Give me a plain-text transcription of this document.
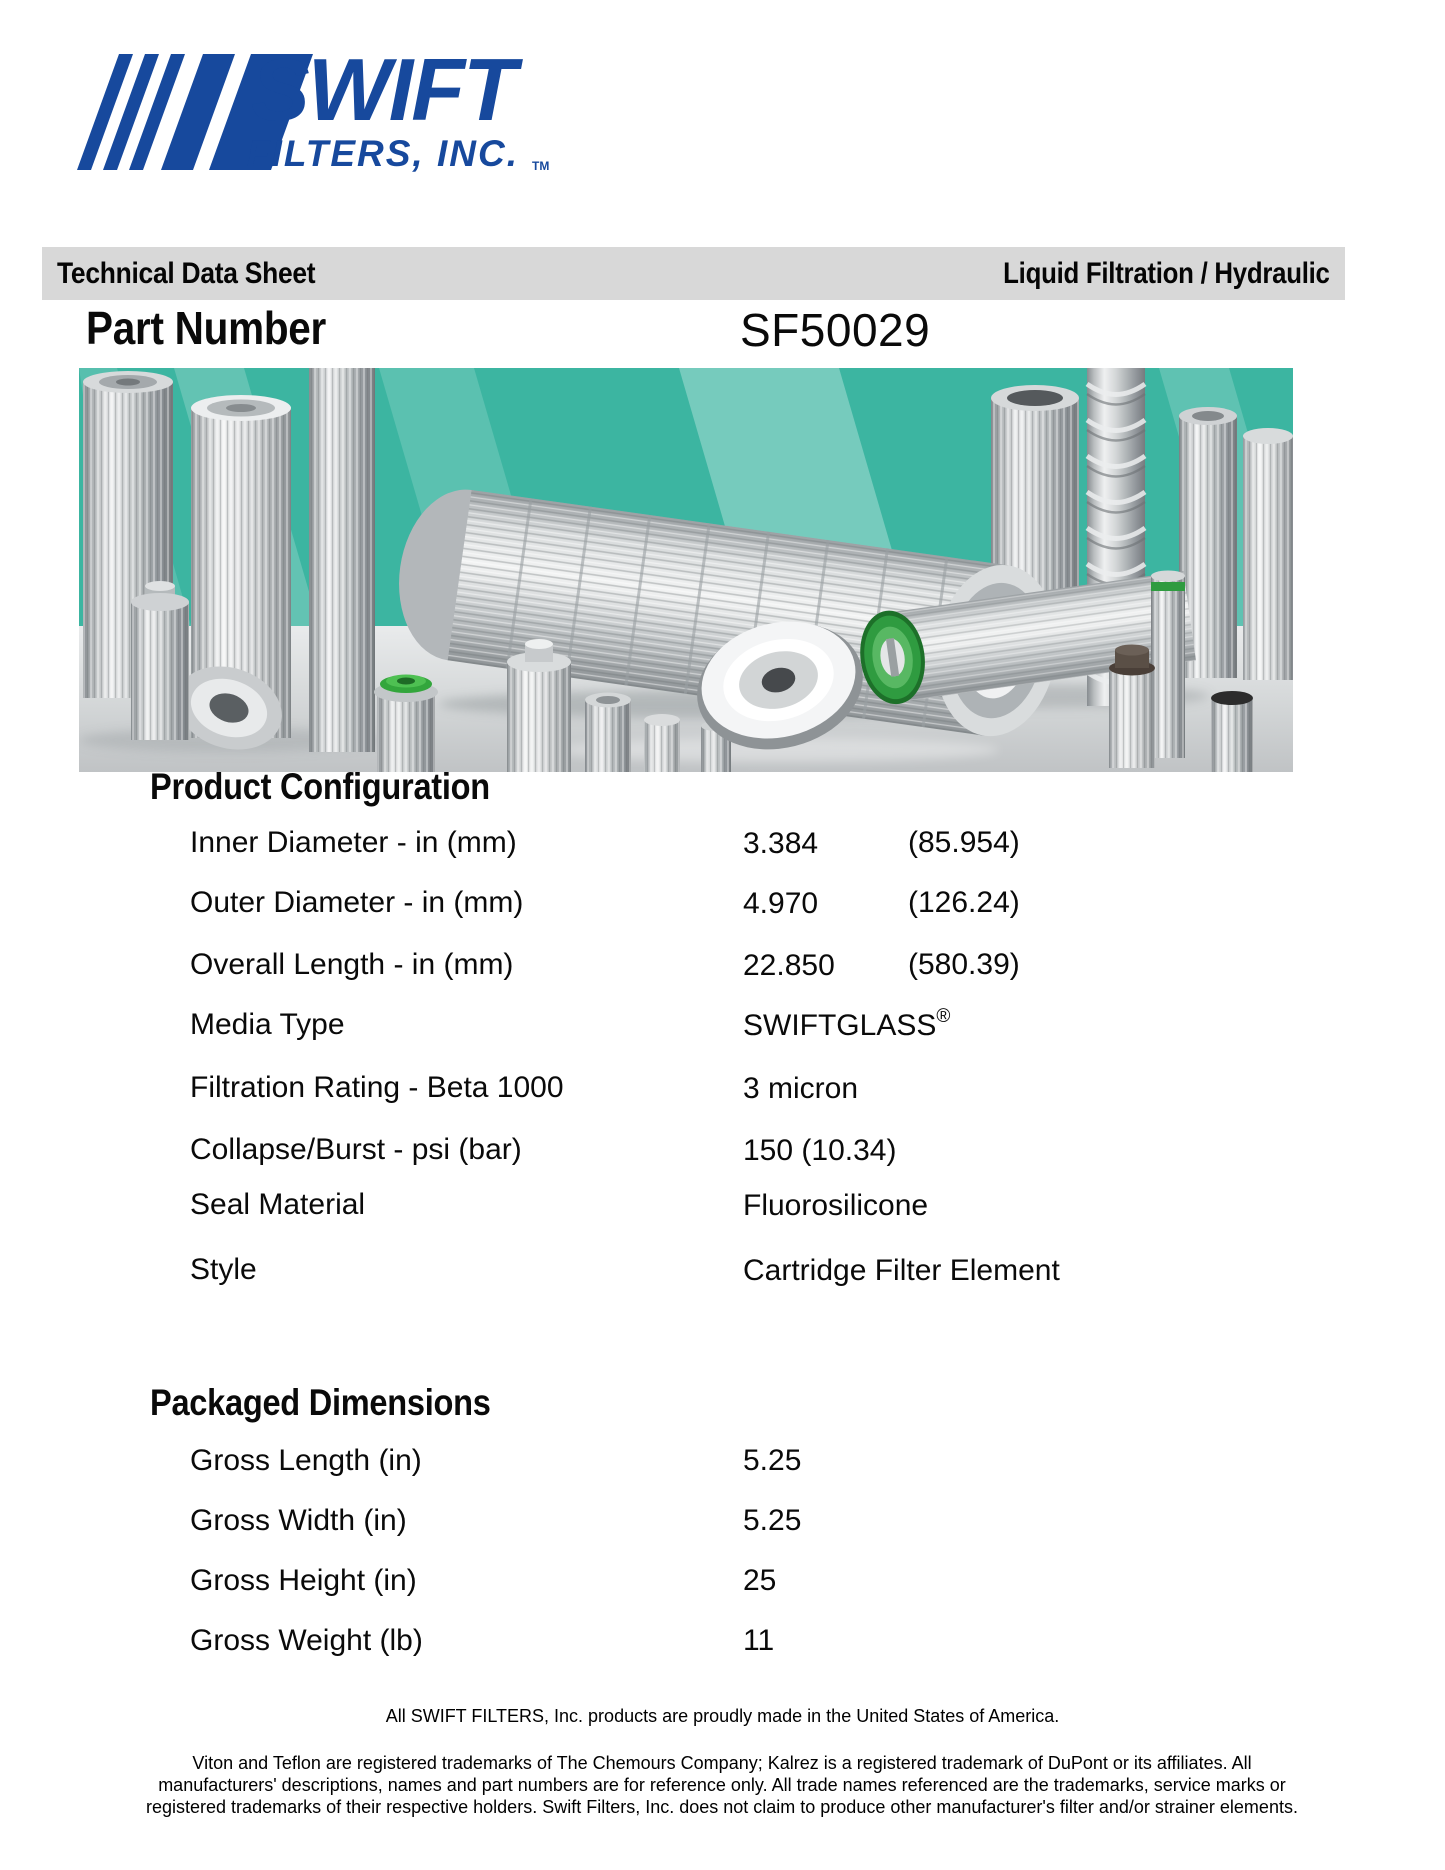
SWIFT
FILTERS, INC. TM
Technical Data Sheet	Liquid Filtration / Hydraulic
Part Number	SF50029
Product Configuration
Inner Diameter - in (mm)	3.384	(85.954)
Outer Diameter - in (mm)	4.970	(126.24)
Overall Length - in (mm)	22.850 (580.39)
Media Type	SWIFTGLASS®
Filtration Rating - Beta 1000	3 micron
Collapse/Burst - psi (bar)	150 (10.34)
Seal Material	Fluorosilicone
Style	Cartridge Filter Element
Packaged Dimensions
Gross Length (in)	5.25
Gross Width (in)	5.25
Gross Height (in)	25
Gross Weight (lb)	11
All SWIFT FILTERS, Inc. products are proudly made in the United States of America.
Viton and Teflon are registered trademarks of The Chemours Company; Kalrez is a registered trademark of DuPont or its affiliates. All manufacturers' descriptions, names and part numbers are for reference only. All trade names referenced are the trademarks, service marks or registered trademarks of their respective holders. Swift Filters, Inc. does not claim to produce other manufacturer's filter and/or strainer elements.
